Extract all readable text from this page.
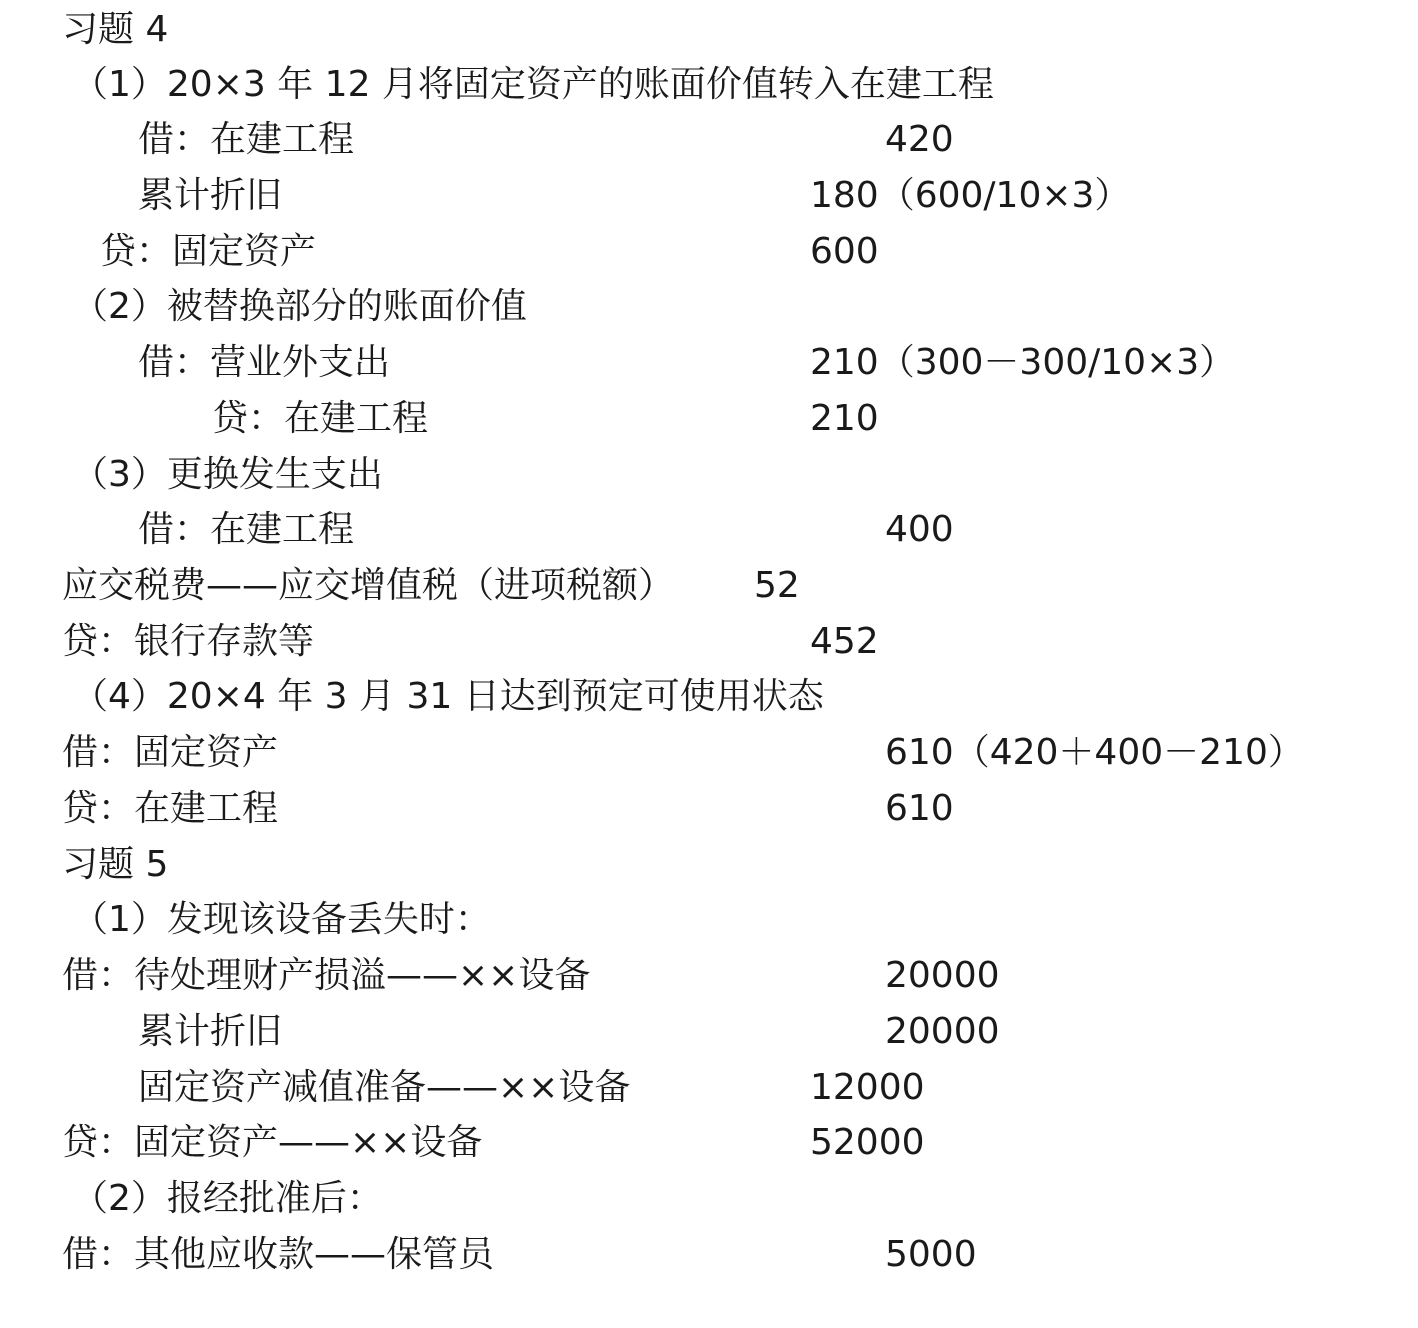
习题 4
（1）20×3 年 12 月将固定资产的账面价值转入在建工程
借：在建工程	420
累计折旧	180（600/10×3）
贷：固定资产	600
（2）被替换部分的账面价值
借：营业外支出	210（300－300/10×3）
贷：在建工程	210
（3）更换发生支出
借：在建工程	400
应交税费——应交增值税（进项税额） 52
贷：银行存款等	452
（4）20×4 年 3 月 31 日达到预定可使用状态
借：固定资产	610（420＋400－210）
贷：在建工程	610
习题 5
（1）发现该设备丢失时：
借：待处理财产损溢——××设备	20000
累计折旧	20000
固定资产减值准备——××设备	12000
贷：固定资产——××设备	52000
（2）报经批准后：
借：其他应收款——保管员	5000
